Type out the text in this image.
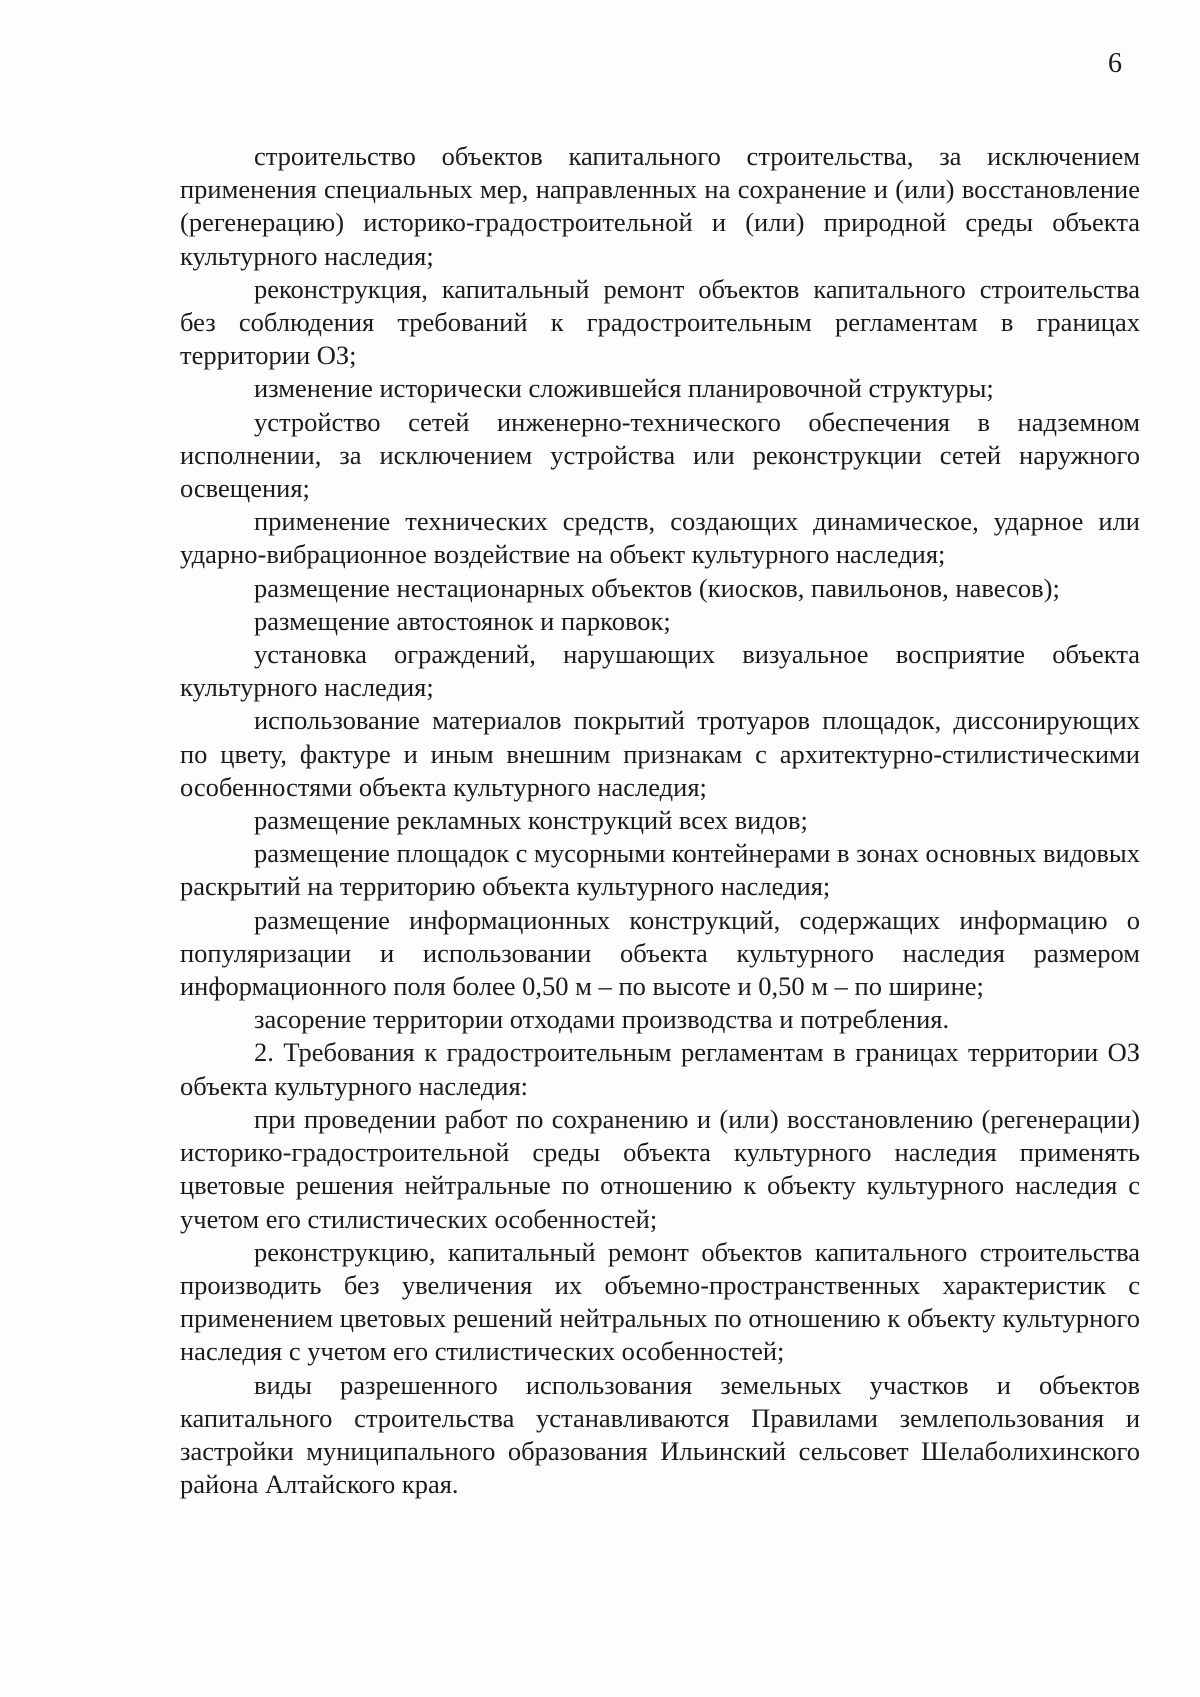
6

строительство объектов капитального строительства, за исключением применения специальных мер, направленных на сохранение и (или) восстановление (регенерацию) историко-градостроительной и (или) природной среды объекта культурного наследия;

реконструкция, капитальный ремонт объектов капитального строительства без соблюдения требований к градостроительным регламентам в границах территории ОЗ;

изменение исторически сложившейся планировочной структуры;

устройство сетей инженерно-технического обеспечения в надземном исполнении, за исключением устройства или реконструкции сетей наружного освещения;

применение технических средств, создающих динамическое, ударное или ударно-вибрационное воздействие на объект культурного наследия;

размещение нестационарных объектов (киосков, павильонов, навесов);

размещение автостоянок и парковок;

установка ограждений, нарушающих визуальное восприятие объекта культурного наследия;

использование материалов покрытий тротуаров площадок, диссонирующих по цвету, фактуре и иным внешним признакам с архитектурно-стилистическими особенностями объекта культурного наследия;

размещение рекламных конструкций всех видов;

размещение площадок с мусорными контейнерами в зонах основных видовых раскрытий на территорию объекта культурного наследия;

размещение информационных конструкций, содержащих информацию о популяризации и использовании объекта культурного наследия размером информационного поля более 0,50 м – по высоте и 0,50 м – по ширине;

засорение территории отходами производства и потребления.

2. Требования к градостроительным регламентам в границах территории ОЗ объекта культурного наследия:

при проведении работ по сохранению и (или) восстановлению (регенерации) историко-градостроительной среды объекта культурного наследия применять цветовые решения нейтральные по отношению к объекту культурного наследия с учетом его стилистических особенностей;

реконструкцию, капитальный ремонт объектов капитального строительства производить без увеличения их объемно-пространственных характеристик с применением цветовых решений нейтральных по отношению к объекту культурного наследия с учетом его стилистических особенностей;

виды разрешенного использования земельных участков и объектов капитального строительства устанавливаются Правилами землепользования и застройки муниципального образования Ильинский сельсовет Шелаболихинского района Алтайского края.
